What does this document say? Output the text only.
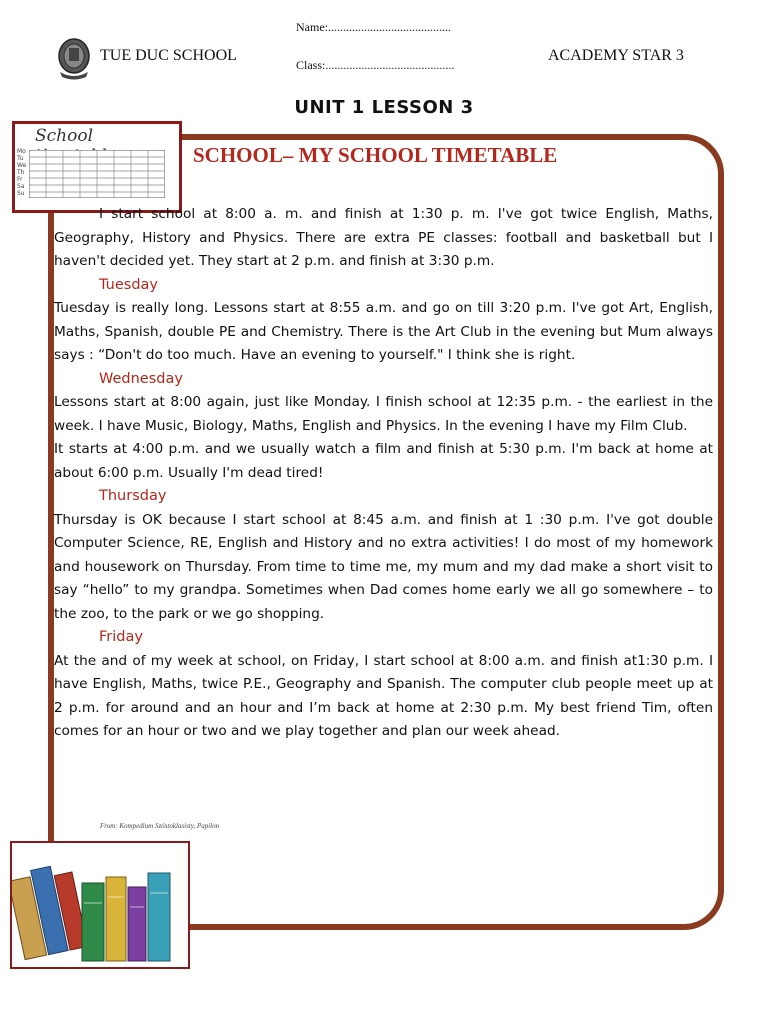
TUE DUC SCHOOL
Name:.........................................
Class:...........................................
ACADEMY STAR 3
UNIT 1 LESSON 3
School
Mo
Tu
We
Th
Fr
Sa
Su
SCHOOL– MY SCHOOL TIMETABLE

I start school at 8:00 a. m. and finish at 1:30 p. m. I've got twice English, Maths, Geography, History and Physics. There are extra PE classes: football and basketball but I haven't decided yet. They start at 2 p.m. and finish at 3:30 p.m.

Tuesday

Tuesday is really long. Lessons start at 8:55 a.m. and go on till 3:20 p.m. I've got Art, English, Maths, Spanish, double PE and Chemistry. There is the Art Club in the evening but Mum always says : “Don't do too much. Have an evening to yourself." I think she is right.

Wednesday

Lessons start at 8:00 again, just like Monday. I finish school at 12:35 p.m. - the earliest in the week. I have Music, Biology, Maths, English and Physics. In the evening I have my Film Club.

It starts at 4:00 p.m. and we usually watch a film and finish at 5:30 p.m. I'm back at home at about 6:00 p.m. Usually I'm dead tired!

Thursday

Thursday is OK because I start school at 8:45 a.m. and finish at 1 :30 p.m. I've got double Computer Science, RE, English and History and no extra activities! I do most of my homework and housework on Thursday. From time to time me, my mum and my dad make a short visit to say “hello” to my grandpa. Sometimes when Dad comes home early we all go somewhere – to the zoo, to the park or we go shopping.

Friday

At the and of my week at school, on Friday, I start school at 8:00 a.m. and finish at1:30 p.m. I have English, Maths, twice P.E., Geography and Spanish. The computer club people meet up at 2 p.m. for around and an hour and I’m back at home at 2:30 p.m. My best friend Tim, often comes for an hour or two and we play together and plan our week ahead.

From: Kompedium Szóstoklasisty, Papilon
